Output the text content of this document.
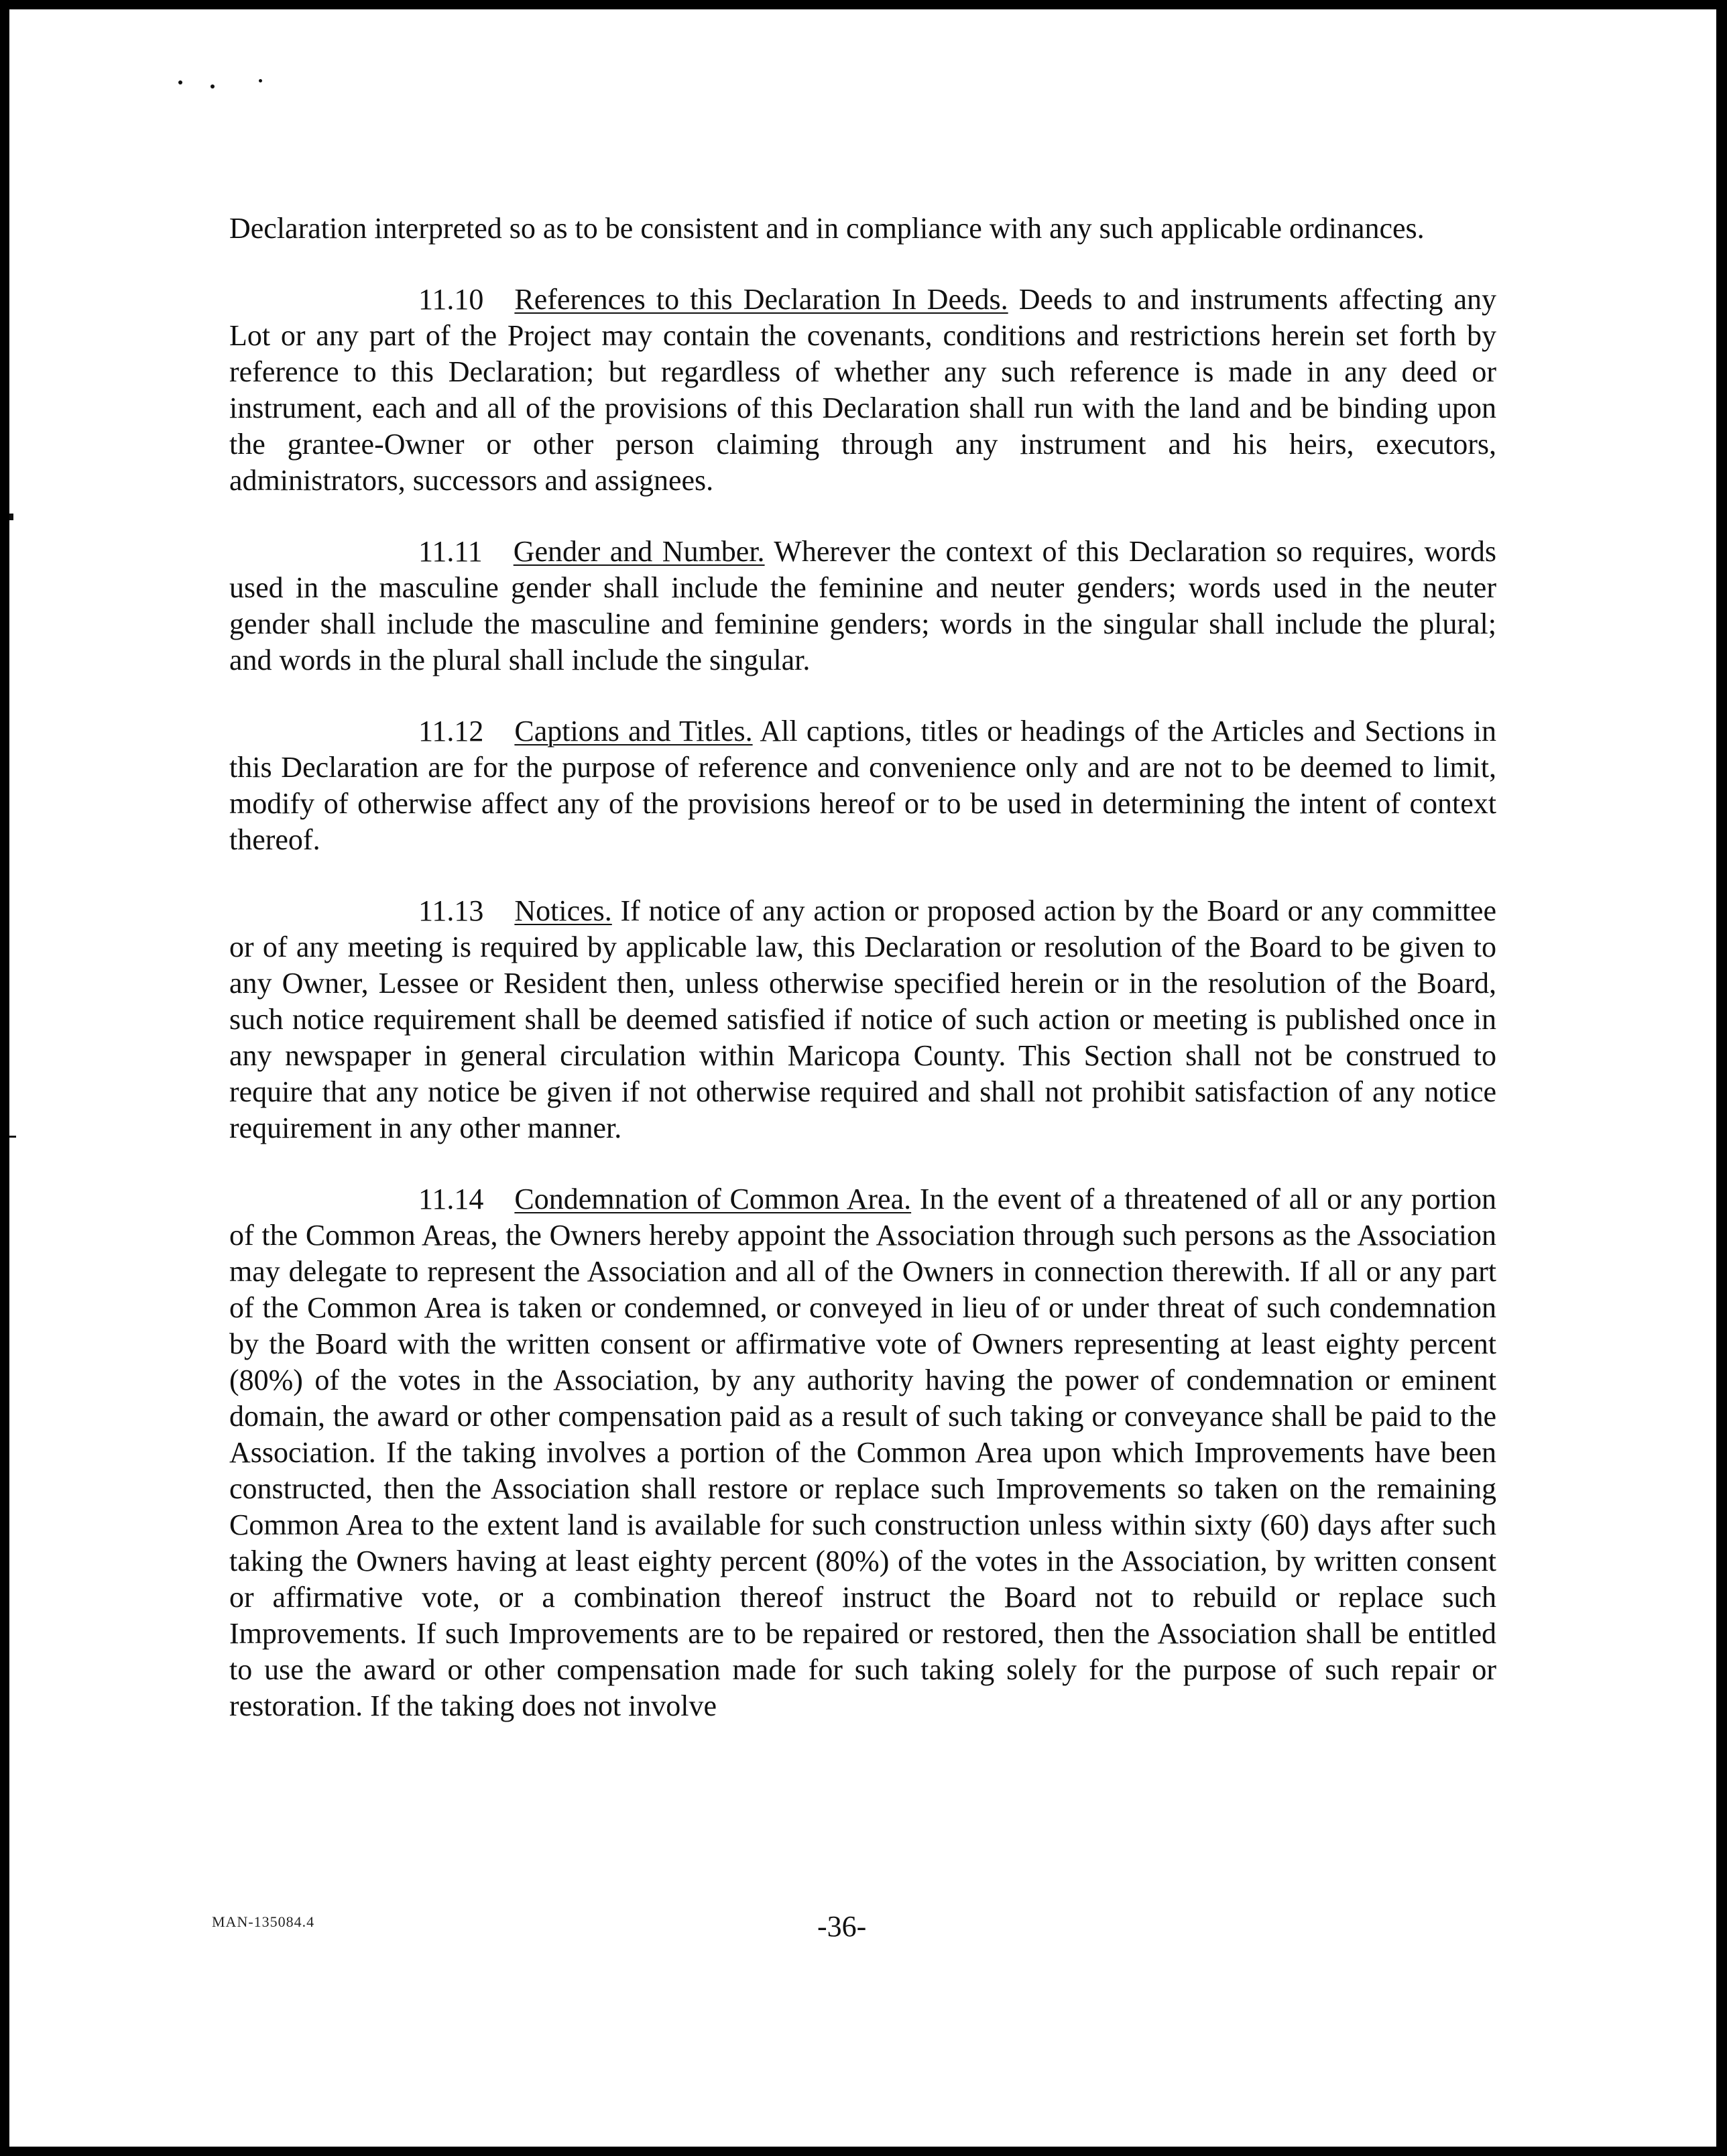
Declaration interpreted so as to be consistent and in compliance with any such applicable ordinances.

11.10 References to this Declaration In Deeds. Deeds to and instruments affecting any Lot or any part of the Project may contain the covenants, conditions and restrictions herein set forth by reference to this Declaration; but regardless of whether any such reference is made in any deed or instrument, each and all of the provisions of this Declaration shall run with the land and be binding upon the grantee-Owner or other person claiming through any instrument and his heirs, executors, administrators, successors and assignees.

11.11 Gender and Number. Wherever the context of this Declaration so requires, words used in the masculine gender shall include the feminine and neuter genders; words used in the neuter gender shall include the masculine and feminine genders; words in the singular shall include the plural; and words in the plural shall include the singular.

11.12 Captions and Titles. All captions, titles or headings of the Articles and Sections in this Declaration are for the purpose of reference and convenience only and are not to be deemed to limit, modify of otherwise affect any of the provisions hereof or to be used in determining the intent of context thereof.

11.13 Notices. If notice of any action or proposed action by the Board or any committee or of any meeting is required by applicable law, this Declaration or resolution of the Board to be given to any Owner, Lessee or Resident then, unless otherwise specified herein or in the resolution of the Board, such notice requirement shall be deemed satisfied if notice of such action or meeting is published once in any newspaper in general circulation within Maricopa County. This Section shall not be construed to require that any notice be given if not otherwise required and shall not prohibit satisfaction of any notice requirement in any other manner.

11.14 Condemnation of Common Area. In the event of a threatened of all or any portion of the Common Areas, the Owners hereby appoint the Association through such persons as the Association may delegate to represent the Association and all of the Owners in connection therewith. If all or any part of the Common Area is taken or condemned, or conveyed in lieu of or under threat of such condemnation by the Board with the written consent or affirmative vote of Owners representing at least eighty percent (80%) of the votes in the Association, by any authority having the power of condemnation or eminent domain, the award or other compensation paid as a result of such taking or conveyance shall be paid to the Association. If the taking involves a portion of the Common Area upon which Improvements have been constructed, then the Association shall restore or replace such Improvements so taken on the remaining Common Area to the extent land is available for such construction unless within sixty (60) days after such taking the Owners having at least eighty percent (80%) of the votes in the Association, by written consent or affirmative vote, or a combination thereof instruct the Board not to rebuild or replace such Improvements. If such Improvements are to be repaired or restored, then the Association shall be entitled to use the award or other compensation made for such taking solely for the purpose of such repair or restoration. If the taking does not involve

MAN-135084.4	-36-
